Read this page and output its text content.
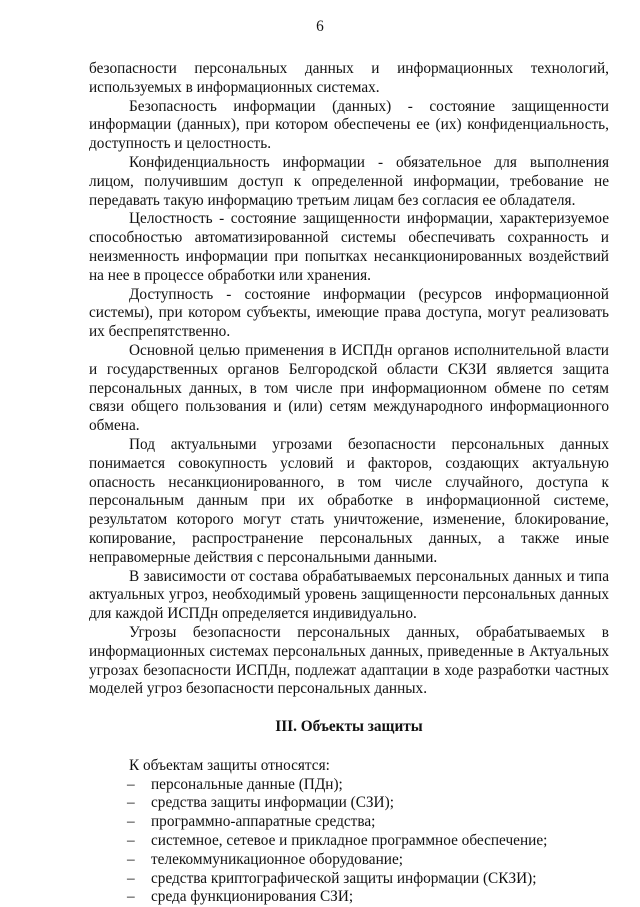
6

безопасности персональных данных и информационных технологий, используемых в информационных системах.

Безопасность информации (данных) - состояние защищенности информации (данных), при котором обеспечены ее (их) конфиденциальность, доступность и целостность.

Конфиденциальность информации - обязательное для выполнения лицом, получившим доступ к определенной информации, требование не передавать такую информацию третьим лицам без согласия ее обладателя.

Целостность - состояние защищенности информации, характеризуемое способностью автоматизированной системы обеспечивать сохранность и неизменность информации при попытках несанкционированных воздействий на нее в процессе обработки или хранения.

Доступность - состояние информации (ресурсов информационной системы), при котором субъекты, имеющие права доступа, могут реализовать их беспрепятственно.

Основной целью применения в ИСПДн органов исполнительной власти и государственных органов Белгородской области СКЗИ является защита персональных данных, в том числе при информационном обмене по сетям связи общего пользования и (или) сетям международного информационного обмена.

Под актуальными угрозами безопасности персональных данных понимается совокупность условий и факторов, создающих актуальную опасность несанкционированного, в том числе случайного, доступа к персональным данным при их обработке в информационной системе, результатом которого могут стать уничтожение, изменение, блокирование, копирование, распространение персональных данных, а также иные неправомерные действия с персональными данными.

В зависимости от состава обрабатываемых персональных данных и типа актуальных угроз, необходимый уровень защищенности персональных данных для каждой ИСПДн определяется индивидуально.

Угрозы безопасности персональных данных, обрабатываемых в информационных системах персональных данных, приведенные в Актуальных угрозах безопасности ИСПДн, подлежат адаптации в ходе разработки частных моделей угроз безопасности персональных данных.

III. Объекты защиты

К объектам защиты относятся:

– персональные данные (ПДн);
– средства защиты информации (СЗИ);
– программно-аппаратные средства;
– системное, сетевое и прикладное программное обеспечение;
– телекоммуникационное оборудование;
– средства криптографической защиты информации (СКЗИ);
– среда функционирования СЗИ;
